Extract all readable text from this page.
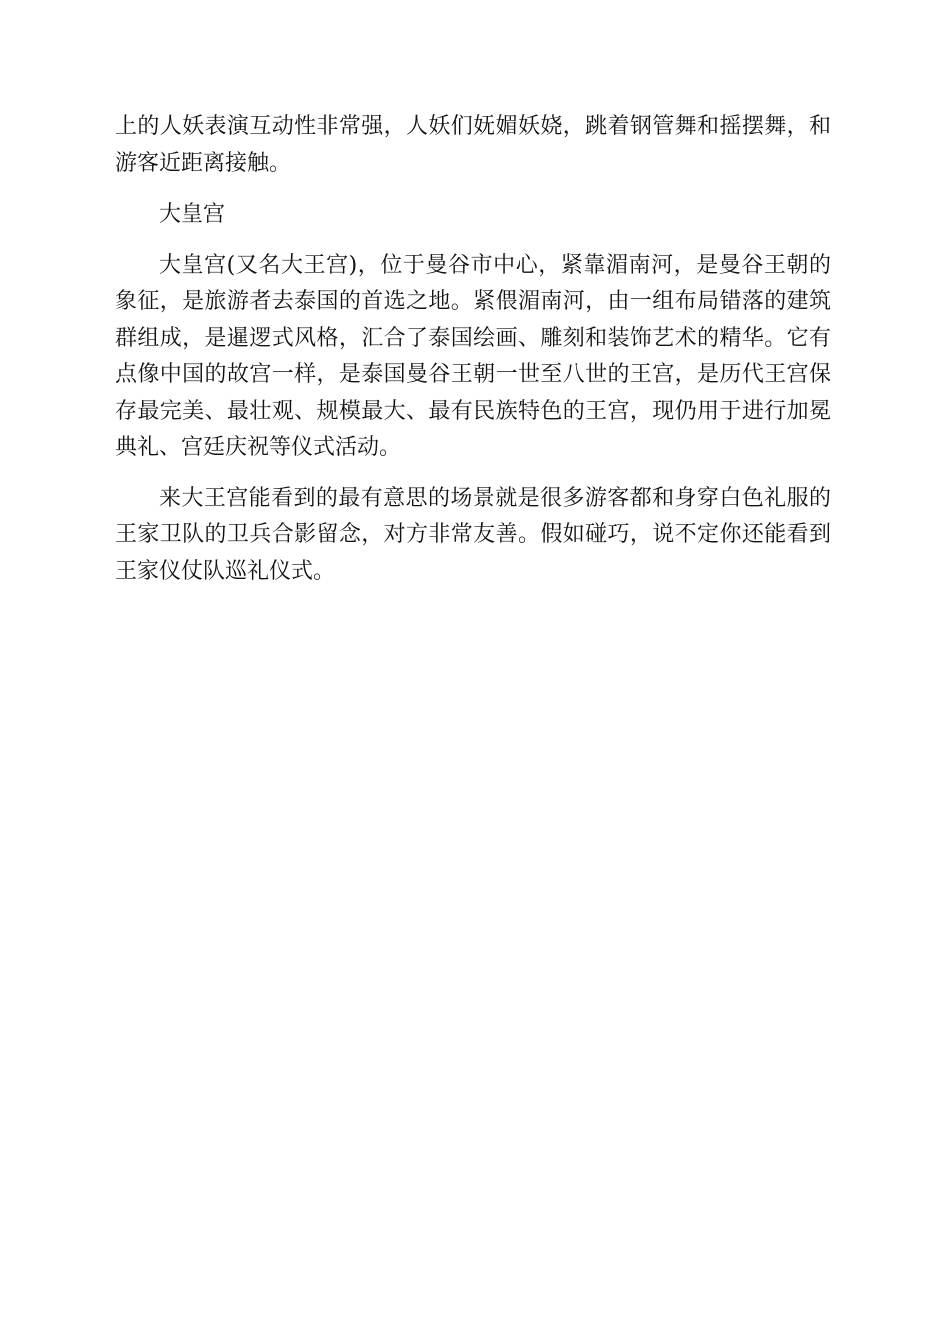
上的人妖表演互动性非常强，人妖们妩媚妖娆，跳着钢管舞和摇摆舞，和游客近距离接触。

大皇宫

大皇宫(又名大王宫)，位于曼谷市中心，紧靠湄南河，是曼谷王朝的象征，是旅游者去泰国的首选之地。紧偎湄南河，由一组布局错落的建筑群组成，是暹逻式风格，汇合了泰国绘画、雕刻和装饰艺术的精华。它有点像中国的故宫一样，是泰国曼谷王朝一世至八世的王宫，是历代王宫保存最完美、最壮观、规模最大、最有民族特色的王宫，现仍用于进行加冕典礼、宫廷庆祝等仪式活动。

来大王宫能看到的最有意思的场景就是很多游客都和身穿白色礼服的王家卫队的卫兵合影留念，对方非常友善。假如碰巧，说不定你还能看到王家仪仗队巡礼仪式。
